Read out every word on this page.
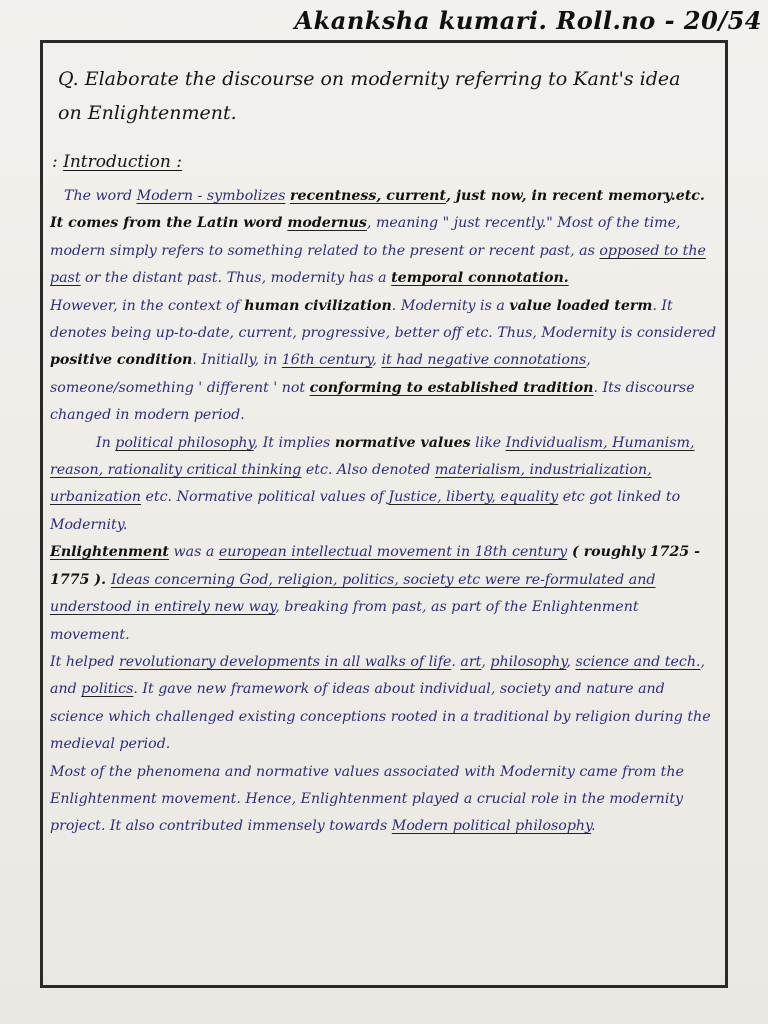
Akanksha kumari. Roll.no - 20/54
Q. Elaborate the discourse on modernity referring to Kant's idea on Enlightenment.
: Introduction :

The word Modern - symbolizes recentness, current, just now, in recent memory.etc. It comes from the Latin word modernus, meaning " just recently." Most of the time, modern simply refers to something related to the present or recent past, as opposed to the past or the distant past. Thus, modernity has a temporal connotation.

However, in the context of human civilization. Modernity is a value loaded term. It denotes being up-to-date, current, progressive, better off etc. Thus, Modernity is considered positive condition. Initially, in 16th century, it had negative connotations, someone/something ' different ' not conforming to established tradition. Its discourse changed in modern period.

In political philosophy, It implies normative values like Individualism, Humanism, reason, rationality critical thinking etc. Also denoted materialism, industrialization, urbanization etc. Normative political values of Justice, liberty, equality etc got linked to Modernity.

Enlightenment was a european intellectual movement in 18th century ( roughly 1725 - 1775 ). Ideas concerning God, religion, politics, society etc were re-formulated and understood in entirely new way, breaking from past, as part of the Enlightenment movement.

It helped revolutionary developments in all walks of life. art, philosophy, science and tech., and politics. It gave new framework of ideas about individual, society and nature and science which challenged existing conceptions rooted in a traditional by religion during the medieval period.

Most of the phenomena and normative values associated with Modernity came from the Enlightenment movement. Hence, Enlightenment played a crucial role in the modernity project. It also contributed immensely towards Modern political philosophy.
